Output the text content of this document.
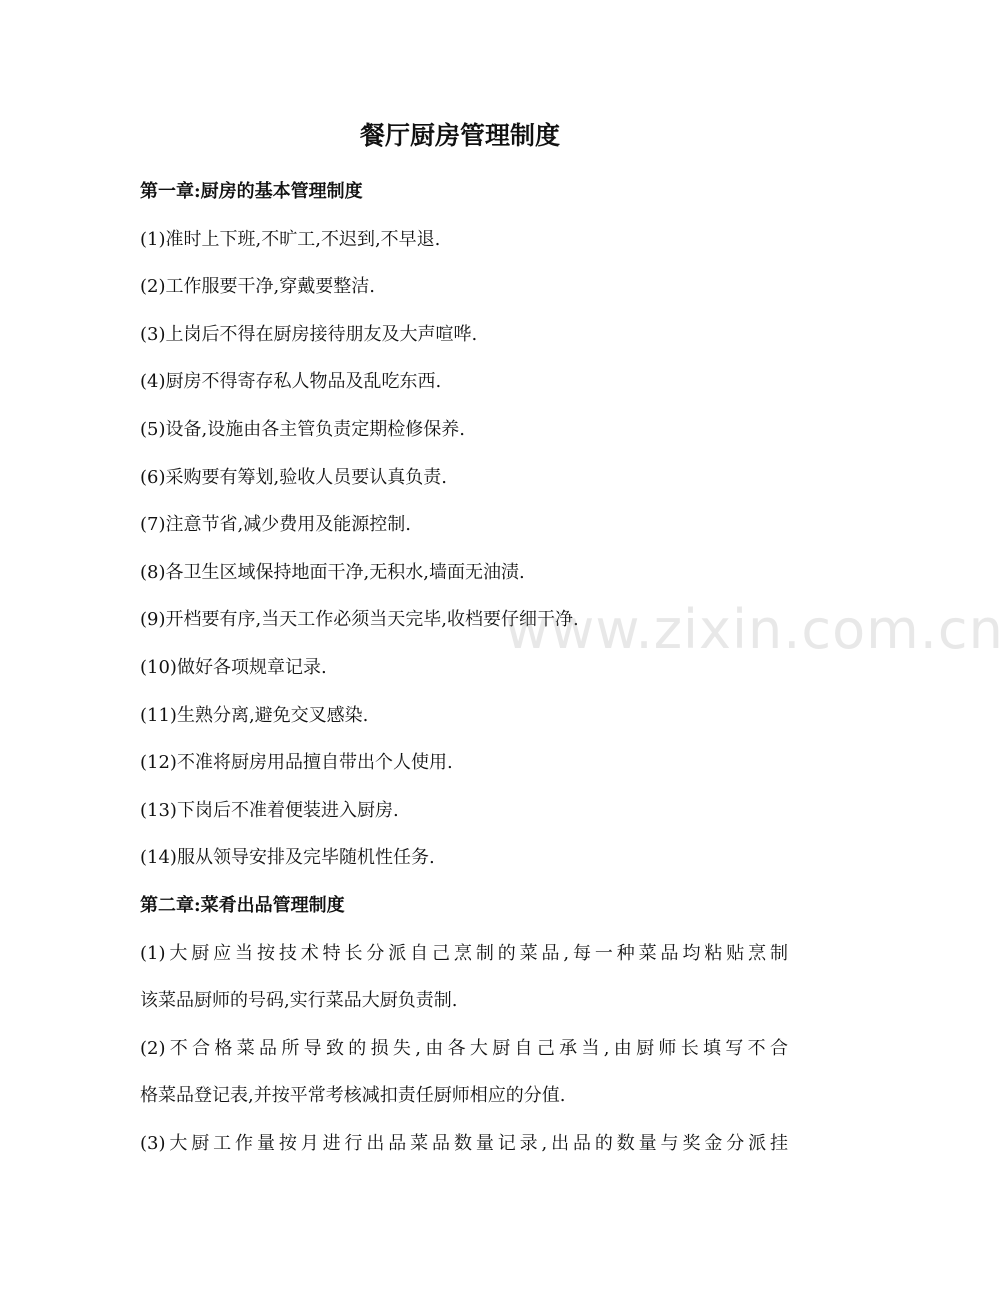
餐厅厨房管理制度

第一章:厨房的基本管理制度

(1)准时上下班,不旷工,不迟到,不早退.

(2)工作服要干净,穿戴要整洁.

(3)上岗后不得在厨房接待朋友及大声喧哗.

(4)厨房不得寄存私人物品及乱吃东西.

(5)设备,设施由各主管负责定期检修保养.

(6)采购要有筹划,验收人员要认真负责.

(7)注意节省,减少费用及能源控制.

(8)各卫生区域保持地面干净,无积水,墙面无油渍.

(9)开档要有序,当天工作必须当天完毕,收档要仔细干净.

(10)做好各项规章记录.

(11)生熟分离,避免交叉感染.

(12)不准将厨房用品擅自带出个人使用.

(13)下岗后不准着便装进入厨房.

(14)服从领导安排及完毕随机性任务.

第二章:菜肴出品管理制度

(1)大厨应当按技术特长分派自己烹制的菜品,每一种菜品均粘贴烹制

该菜品厨师的号码,实行菜品大厨负责制.

(2)不合格菜品所导致的损失,由各大厨自己承当,由厨师长填写不合

格菜品登记表,并按平常考核减扣责任厨师相应的分值.

(3)大厨工作量按月进行出品菜品数量记录,出品的数量与奖金分派挂

www.zixin.com.cn
